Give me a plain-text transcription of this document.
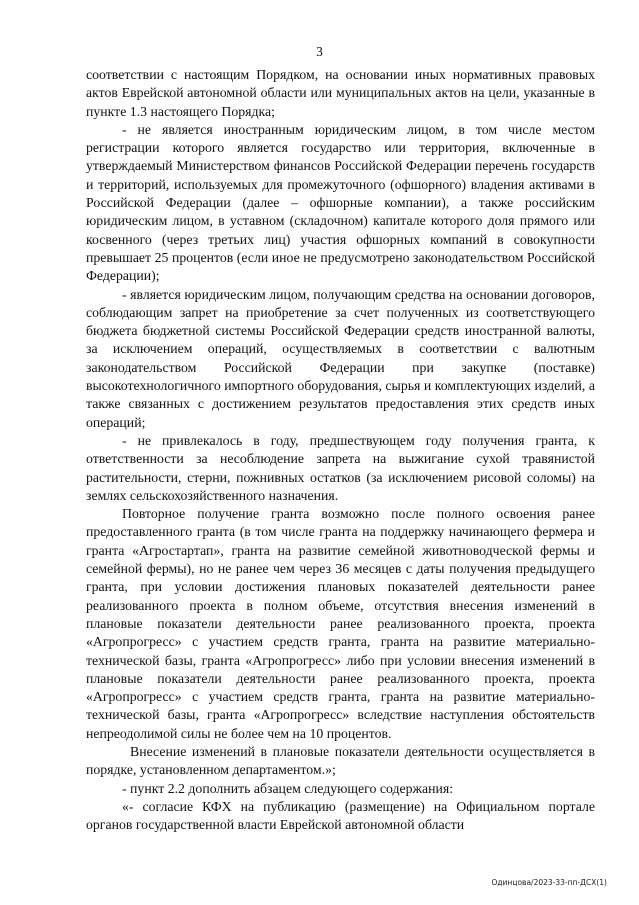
3

соответствии с настоящим Порядком, на основании иных нормативных правовых актов Еврейской автономной области или муниципальных актов на цели, указанные в пункте 1.3 настоящего Порядка;

- не является иностранным юридическим лицом, в том числе местом регистрации которого является государство или территория, включенные в утверждаемый Министерством финансов Российской Федерации перечень государств и территорий, используемых для промежуточного (офшорного) владения активами в Российской Федерации (далее – офшорные компании), а также российским юридическим лицом, в уставном (складочном) капитале которого доля прямого или косвенного (через третьих лиц) участия офшорных компаний в совокупности превышает 25 процентов (если иное не предусмотрено законодательством Российской Федерации);

- является юридическим лицом, получающим средства на основании договоров, соблюдающим запрет на приобретение за счет полученных из соответствующего бюджета бюджетной системы Российской Федерации средств иностранной валюты, за исключением операций, осуществляемых в соответствии с валютным законодательством Российской Федерации при закупке (поставке) высокотехнологичного импортного оборудования, сырья и комплектующих изделий, а также связанных с достижением результатов предоставления этих средств иных операций;

- не привлекалось в году, предшествующем году получения гранта, к ответственности за несоблюдение запрета на выжигание сухой травянистой растительности, стерни, пожнивных остатков (за исключением рисовой соломы) на землях сельскохозяйственного назначения.

Повторное получение гранта возможно после полного освоения ранее предоставленного гранта (в том числе гранта на поддержку начинающего фермера и гранта «Агростартап», гранта на развитие семейной животноводческой фермы и семейной фермы), но не ранее чем через 36 месяцев с даты получения предыдущего гранта, при условии достижения плановых показателей деятельности ранее реализованного проекта в полном объеме, отсутствия внесения изменений в плановые показатели деятельности ранее реализованного проекта, проекта «Агропрогресс» с участием средств гранта, гранта на развитие материально-технической базы, гранта «Агропрогресс» либо при условии внесения изменений в плановые показатели деятельности ранее реализованного проекта, проекта «Агропрогресс» с участием средств гранта, гранта на развитие материально-технической базы, гранта «Агропрогресс» вследствие наступления обстоятельств непреодолимой силы не более чем на 10 процентов.

Внесение изменений в плановые показатели деятельности осуществляется в порядке, установленном департаментом.»;

- пункт 2.2 дополнить абзацем следующего содержания:

«- согласие КФХ на публикацию (размещение) на Официальном портале органов государственной власти Еврейской автономной области

Одинцова/2023-33-пп-ДСХ(1)
